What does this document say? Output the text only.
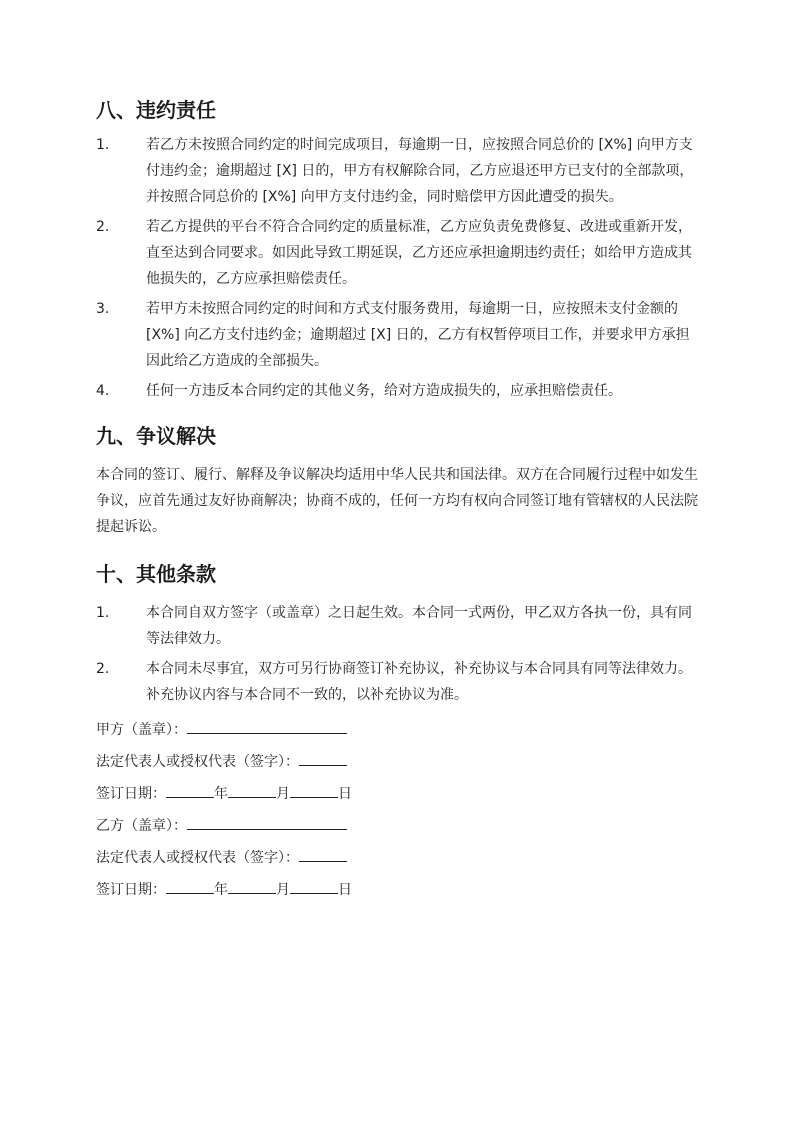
八、违约责任
1.	若乙方未按照合同约定的时间完成项目，每逾期一日，应按照合同总价的 [X%] 向甲方支付违约金；逾期超过 [X] 日的，甲方有权解除合同，乙方应退还甲方已支付的全部款项，并按照合同总价的 [X%] 向甲方支付违约金，同时赔偿甲方因此遭受的损失。
2.	若乙方提供的平台不符合合同约定的质量标准，乙方应负责免费修复、改进或重新开发，直至达到合同要求。如因此导致工期延误，乙方还应承担逾期违约责任；如给甲方造成其他损失的，乙方应承担赔偿责任。
3.	若甲方未按照合同约定的时间和方式支付服务费用，每逾期一日，应按照未支付金额的 [X%] 向乙方支付违约金；逾期超过 [X] 日的，乙方有权暂停项目工作，并要求甲方承担因此给乙方造成的全部损失。
4.	任何一方违反本合同约定的其他义务，给对方造成损失的，应承担赔偿责任。
九、争议解决

本合同的签订、履行、解释及争议解决均适用中华人民共和国法律。双方在合同履行过程中如发生争议，应首先通过友好协商解决；协商不成的，任何一方均有权向合同签订地有管辖权的人民法院提起诉讼。

十、其他条款
1.	本合同自双方签字（或盖章）之日起生效。本合同一式两份，甲乙双方各执一份，具有同等法律效力。
2.	本合同未尽事宜，双方可另行协商签订补充协议，补充协议与本合同具有同等法律效力。补充协议内容与本合同不一致的，以补充协议为准。
甲方（盖章）：
法定代表人或授权代表（签字）：
签订日期：	年	月	日
乙方（盖章）：
法定代表人或授权代表（签字）：
签订日期：	年	月	日
